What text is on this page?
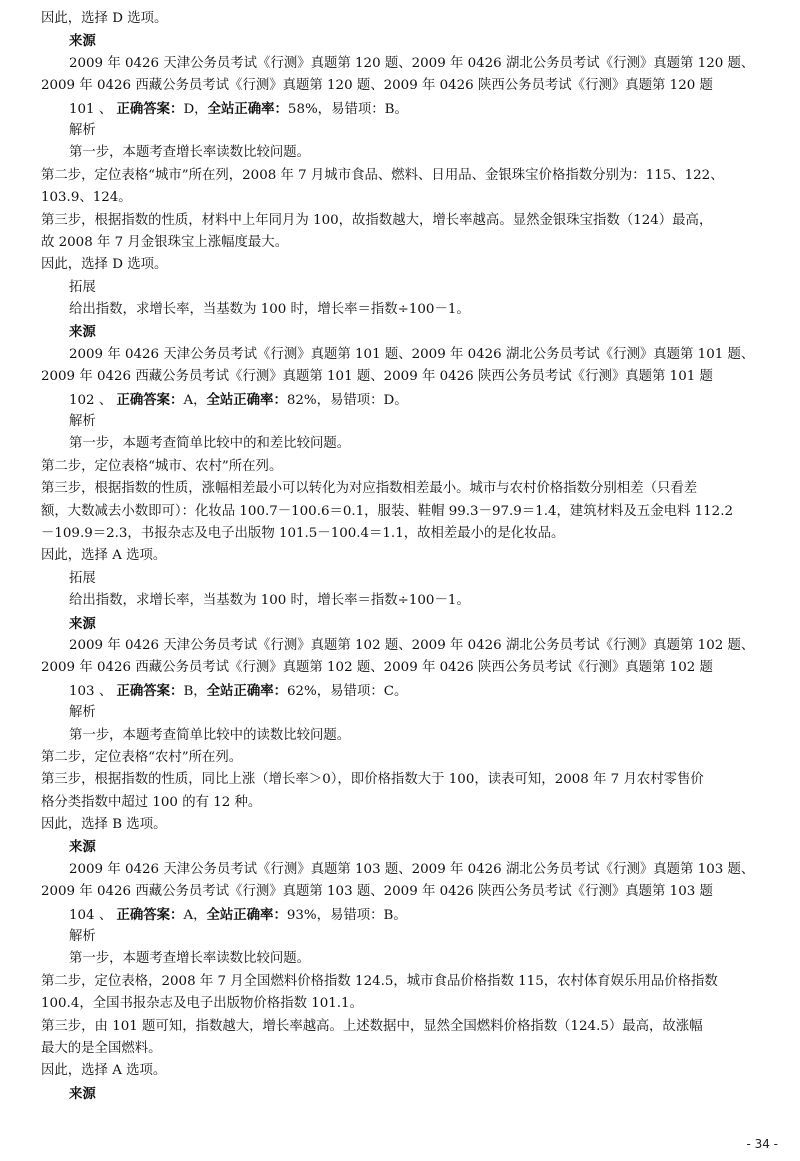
因此，选择 D 选项。
来源
2009 年 0426 天津公务员考试《行测》真题第 120 题、2009 年 0426 湖北公务员考试《行测》真题第 120 题、
2009 年 0426 西藏公务员考试《行测》真题第 120 题、2009 年 0426 陕西公务员考试《行测》真题第 120 题
101 、 正确答案：D，全站正确率：58%，易错项：B。
解析
第一步，本题考查增长率读数比较问题。
第二步，定位表格“城市”所在列，2008 年 7 月城市食品、燃料、日用品、金银珠宝价格指数分别为：115、122、
103.9、124。
第三步，根据指数的性质，材料中上年同月为 100，故指数越大，增长率越高。显然金银珠宝指数（124）最高，
故 2008 年 7 月金银珠宝上涨幅度最大。
因此，选择 D 选项。
拓展
给出指数，求增长率，当基数为 100 时，增长率＝指数÷100－1。
来源
2009 年 0426 天津公务员考试《行测》真题第 101 题、2009 年 0426 湖北公务员考试《行测》真题第 101 题、
2009 年 0426 西藏公务员考试《行测》真题第 101 题、2009 年 0426 陕西公务员考试《行测》真题第 101 题
102 、 正确答案：A，全站正确率：82%，易错项：D。
解析
第一步，本题考查简单比较中的和差比较问题。
第二步，定位表格“城市、农村”所在列。
第三步，根据指数的性质，涨幅相差最小可以转化为对应指数相差最小。城市与农村价格指数分别相差（只看差
额，大数减去小数即可）：化妆品 100.7－100.6＝0.1，服装、鞋帽 99.3－97.9＝1.4，建筑材料及五金电料 112.2
－109.9＝2.3，书报杂志及电子出版物 101.5－100.4＝1.1，故相差最小的是化妆品。
因此，选择 A 选项。
拓展
给出指数，求增长率，当基数为 100 时，增长率＝指数÷100－1。
来源
2009 年 0426 天津公务员考试《行测》真题第 102 题、2009 年 0426 湖北公务员考试《行测》真题第 102 题、
2009 年 0426 西藏公务员考试《行测》真题第 102 题、2009 年 0426 陕西公务员考试《行测》真题第 102 题
103 、 正确答案：B，全站正确率：62%，易错项：C。
解析
第一步，本题考查简单比较中的读数比较问题。
第二步，定位表格“农村”所在列。
第三步，根据指数的性质，同比上涨（增长率＞0），即价格指数大于 100，读表可知，2008 年 7 月农村零售价
格分类指数中超过 100 的有 12 种。
因此，选择 B 选项。
来源
2009 年 0426 天津公务员考试《行测》真题第 103 题、2009 年 0426 湖北公务员考试《行测》真题第 103 题、
2009 年 0426 西藏公务员考试《行测》真题第 103 题、2009 年 0426 陕西公务员考试《行测》真题第 103 题
104 、 正确答案：A，全站正确率：93%，易错项：B。
解析
第一步，本题考查增长率读数比较问题。
第二步，定位表格，2008 年 7 月全国燃料价格指数 124.5，城市食品价格指数 115，农村体育娱乐用品价格指数
100.4，全国书报杂志及电子出版物价格指数 101.1。
第三步，由 101 题可知，指数越大，增长率越高。上述数据中，显然全国燃料价格指数（124.5）最高，故涨幅
最大的是全国燃料。
因此，选择 A 选项。
来源
- 34 -
